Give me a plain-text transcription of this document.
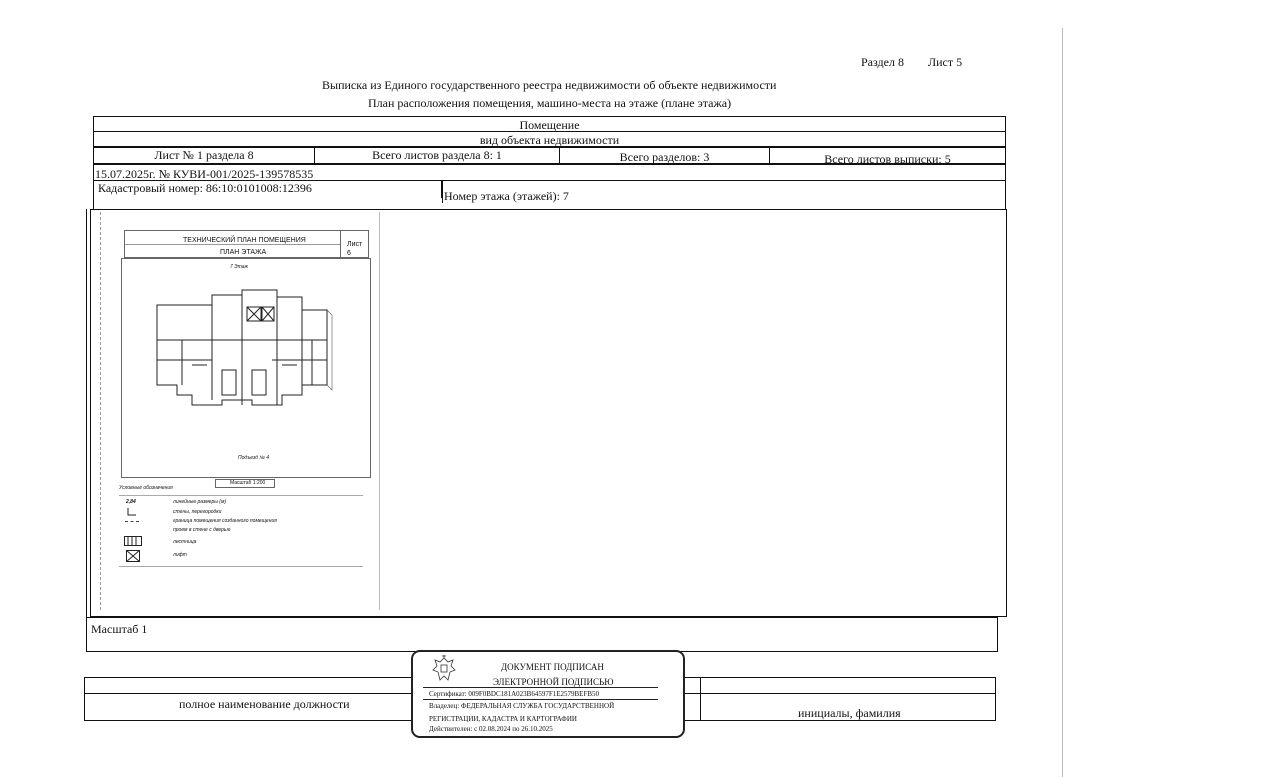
Раздел 8 Лист 5
Выписка из Единого государственного реестра недвижимости об объекте недвижимости
План расположения помещения, машино-места на этаже (плане этажа)
Помещение
вид объекта недвижимости
Лист № 1 раздела 8	Всего листов раздела 8: 1	Всего разделов: 3	Всего листов выписки: 5
15.07.2025г. № КУВИ-001/2025-139578535
Кадастровый номер: 86:10:0101008:12396
Номер этажа (этажей): 7
ТЕХНИЧЕСКИЙ ПЛАН ПОМЕЩЕНИЯ
Лист 6
ПЛАН ЭТАЖА
7 Этаж
Подъезд № 4
Масштаб 1:200
Условные обозначения
2,84	линейные размеры (м)
стены, перегородки
граница помещения созданного помещения
проем в стене с дверью
лестница
лифт
Масштаб 1
полное наименование должности
инициалы, фамилия
ДОКУМЕНТ ПОДПИСАН
ЭЛЕКТРОННОЙ ПОДПИСЬЮ
Сертификат: 009F0BDC181A023B64597F1E2579BEFB50
Владелец: ФЕДЕРАЛЬНАЯ СЛУЖБА ГОСУДАРСТВЕННОЙ
РЕГИСТРАЦИИ, КАДАСТРА И КАРТОГРАФИИ
Действителен: с 02.08.2024 по 26.10.2025
